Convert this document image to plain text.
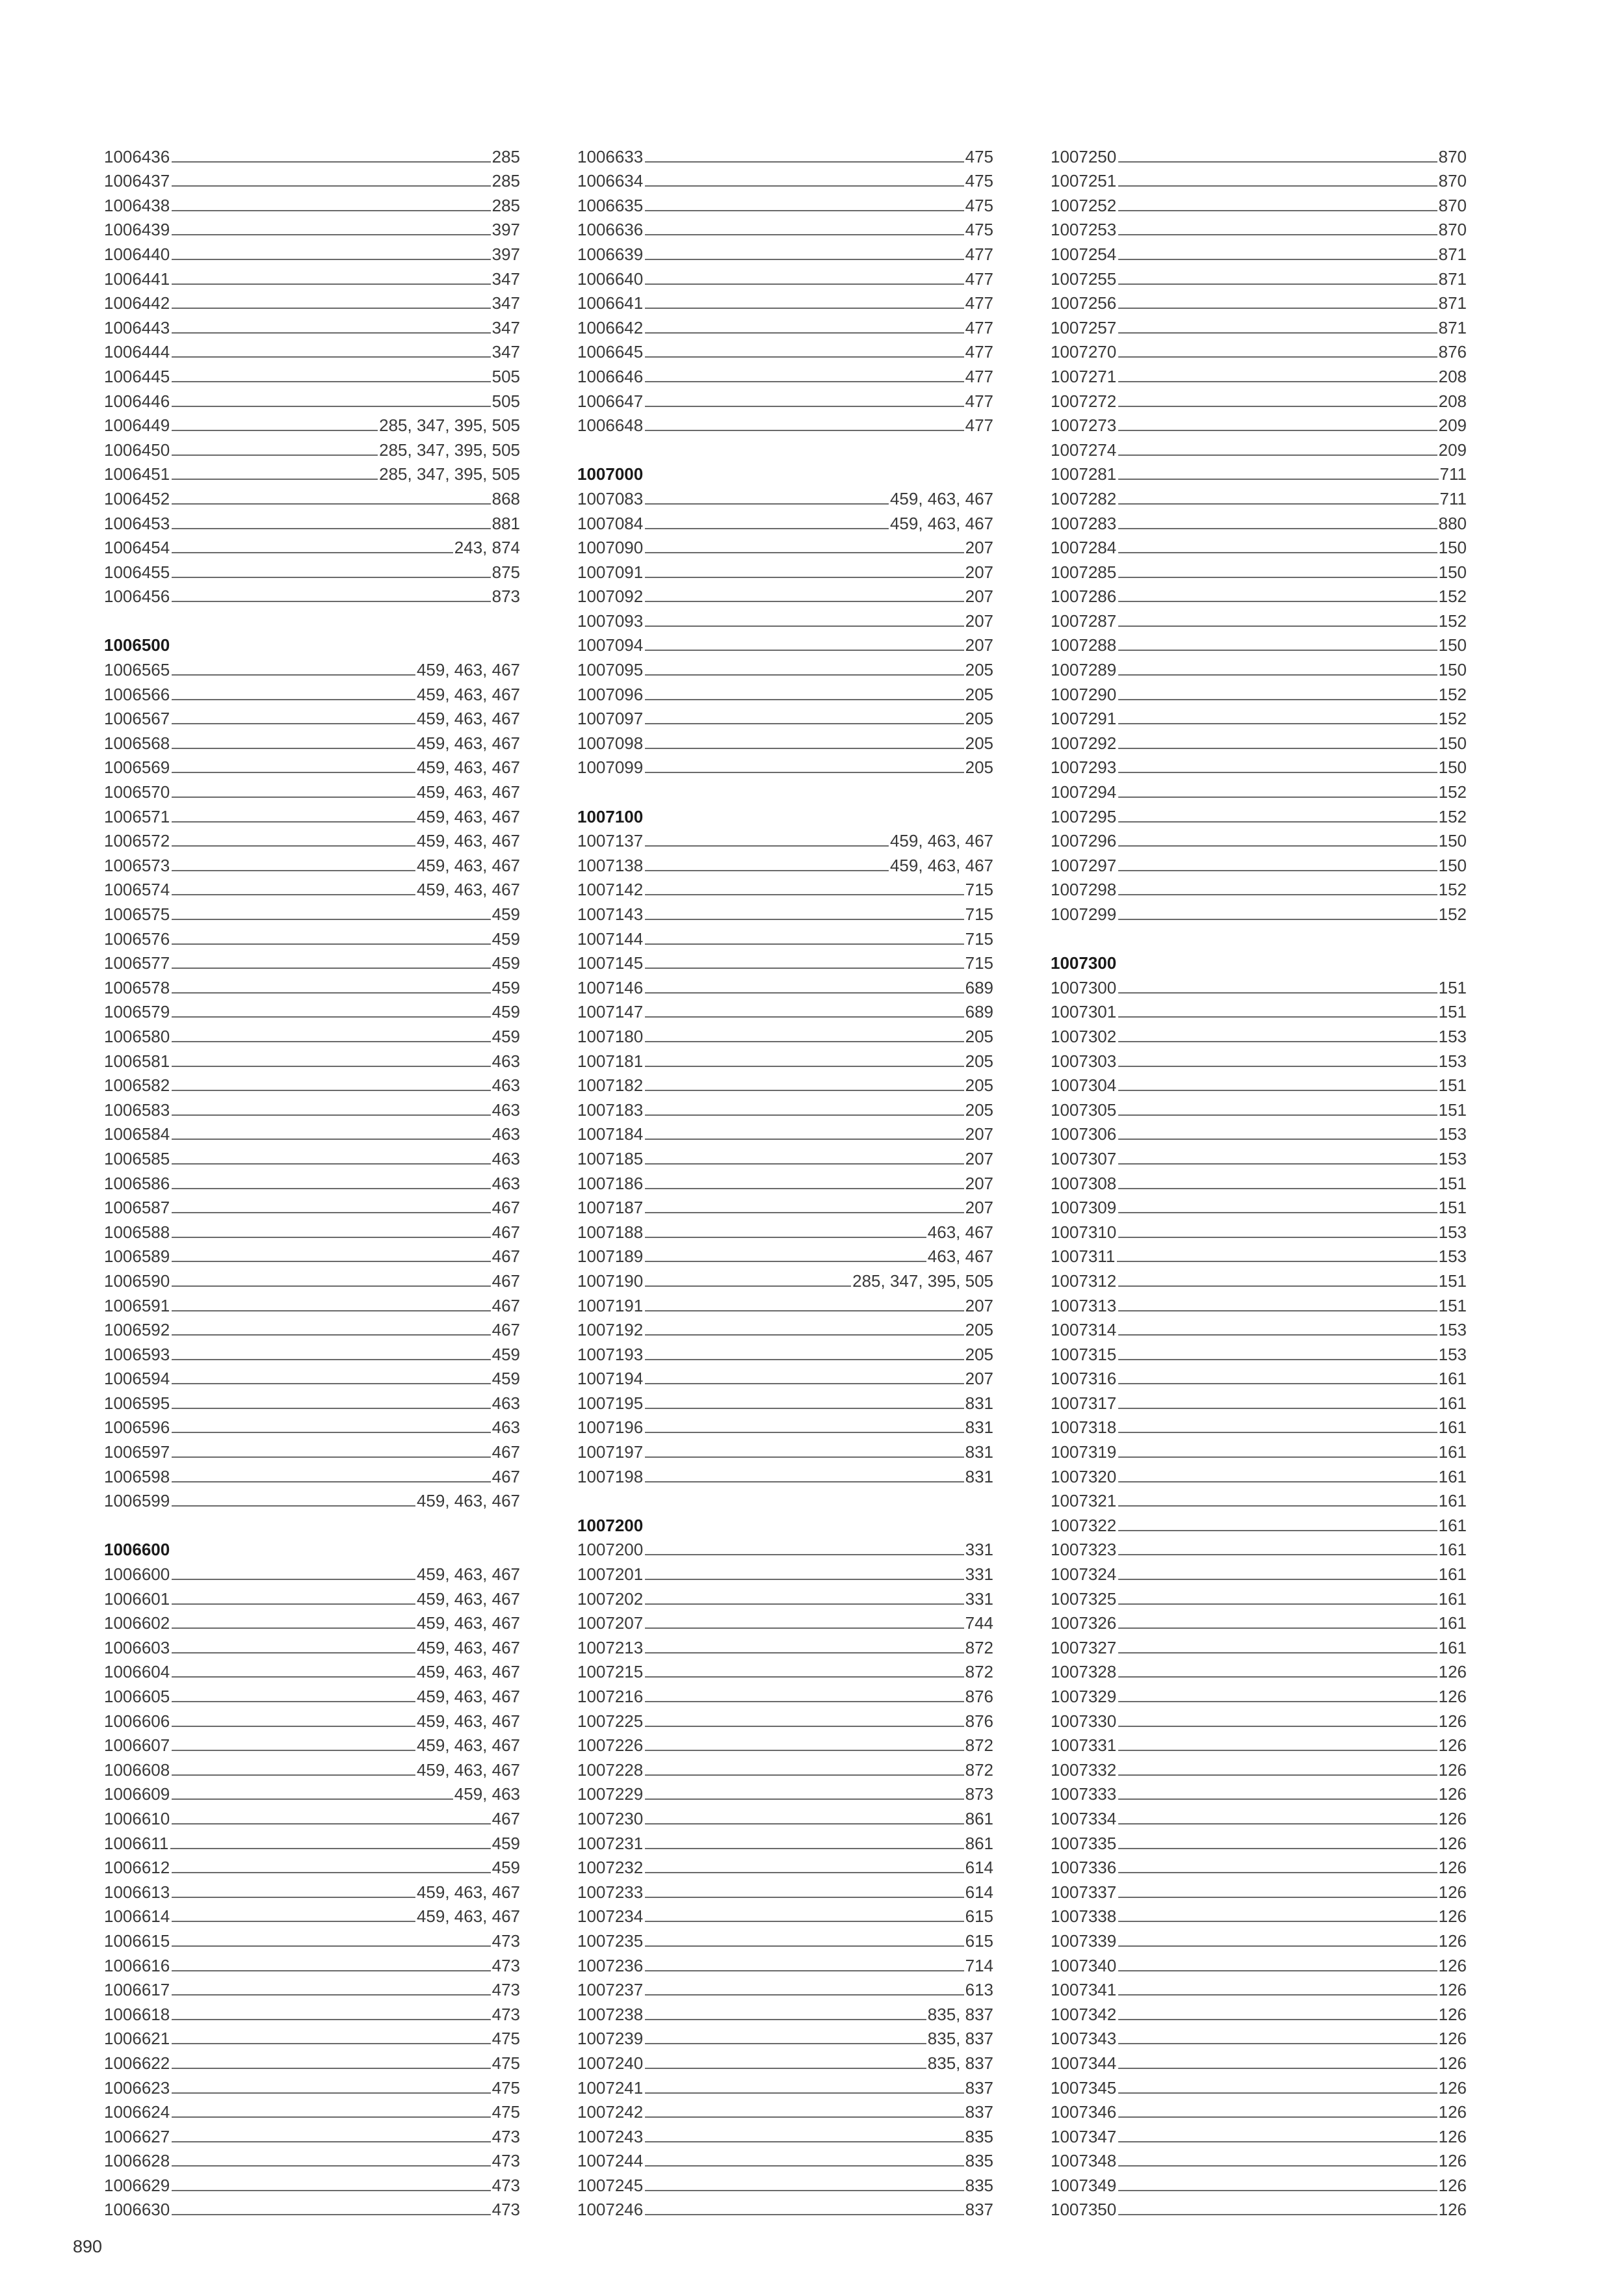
1006436	285
1006437	285
1006438	285
1006439	397
1006440	397
1006441	347
1006442	347
1006443	347
1006444	347
1006445	505
1006446	505
1006449	285, 347, 395, 505
1006450	285, 347, 395, 505
1006451	285, 347, 395, 505
1006452	868
1006453	881
1006454	243, 874
1006455	875
1006456	873
1006500
1006565	459, 463, 467
1006566	459, 463, 467
1006567	459, 463, 467
1006568	459, 463, 467
1006569	459, 463, 467
1006570	459, 463, 467
1006571	459, 463, 467
1006572	459, 463, 467
1006573	459, 463, 467
1006574	459, 463, 467
1006575	459
1006576	459
1006577	459
1006578	459
1006579	459
1006580	459
1006581	463
1006582	463
1006583	463
1006584	463
1006585	463
1006586	463
1006587	467
1006588	467
1006589	467
1006590	467
1006591	467
1006592	467
1006593	459
1006594	459
1006595	463
1006596	463
1006597	467
1006598	467
1006599	459, 463, 467
1006600
1006600	459, 463, 467
1006601	459, 463, 467
1006602	459, 463, 467
1006603	459, 463, 467
1006604	459, 463, 467
1006605	459, 463, 467
1006606	459, 463, 467
1006607	459, 463, 467
1006608	459, 463, 467
1006609	459, 463
1006610	467
1006611	459
1006612	459
1006613	459, 463, 467
1006614	459, 463, 467
1006615	473
1006616	473
1006617	473
1006618	473
1006621	475
1006622	475
1006623	475
1006624	475
1006627	473
1006628	473
1006629	473
1006630	473
1006633	475
1006634	475
1006635	475
1006636	475
1006639	477
1006640	477
1006641	477
1006642	477
1006645	477
1006646	477
1006647	477
1006648	477
1007000
1007083	459, 463, 467
1007084	459, 463, 467
1007090	207
1007091	207
1007092	207
1007093	207
1007094	207
1007095	205
1007096	205
1007097	205
1007098	205
1007099	205
1007100
1007137	459, 463, 467
1007138	459, 463, 467
1007142	715
1007143	715
1007144	715
1007145	715
1007146	689
1007147	689
1007180	205
1007181	205
1007182	205
1007183	205
1007184	207
1007185	207
1007186	207
1007187	207
1007188	463, 467
1007189	463, 467
1007190	285, 347, 395, 505
1007191	207
1007192	205
1007193	205
1007194	207
1007195	831
1007196	831
1007197	831
1007198	831
1007200
1007200	331
1007201	331
1007202	331
1007207	744
1007213	872
1007215	872
1007216	876
1007225	876
1007226	872
1007228	872
1007229	873
1007230	861
1007231	861
1007232	614
1007233	614
1007234	615
1007235	615
1007236	714
1007237	613
1007238	835, 837
1007239	835, 837
1007240	835, 837
1007241	837
1007242	837
1007243	835
1007244	835
1007245	835
1007246	837
1007250	870
1007251	870
1007252	870
1007253	870
1007254	871
1007255	871
1007256	871
1007257	871
1007270	876
1007271	208
1007272	208
1007273	209
1007274	209
1007281	711
1007282	711
1007283	880
1007284	150
1007285	150
1007286	152
1007287	152
1007288	150
1007289	150
1007290	152
1007291	152
1007292	150
1007293	150
1007294	152
1007295	152
1007296	150
1007297	150
1007298	152
1007299	152
1007300
1007300	151
1007301	151
1007302	153
1007303	153
1007304	151
1007305	151
1007306	153
1007307	153
1007308	151
1007309	151
1007310	153
1007311	153
1007312	151
1007313	151
1007314	153
1007315	153
1007316	161
1007317	161
1007318	161
1007319	161
1007320	161
1007321	161
1007322	161
1007323	161
1007324	161
1007325	161
1007326	161
1007327	161
1007328	126
1007329	126
1007330	126
1007331	126
1007332	126
1007333	126
1007334	126
1007335	126
1007336	126
1007337	126
1007338	126
1007339	126
1007340	126
1007341	126
1007342	126
1007343	126
1007344	126
1007345	126
1007346	126
1007347	126
1007348	126
1007349	126
1007350	126
890
